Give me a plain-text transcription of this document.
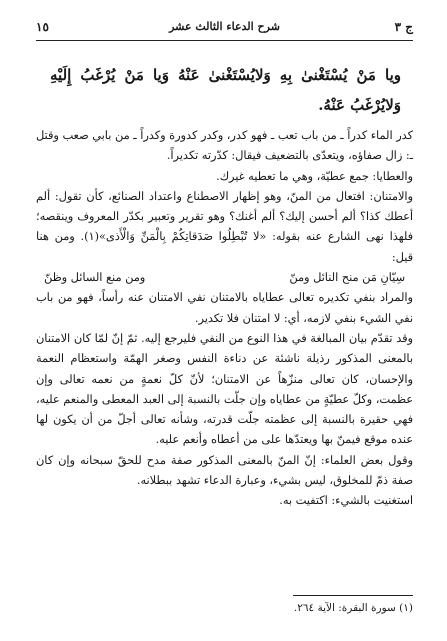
ج ٣
شرح الدعاء الثالث عشر
١٥
ويا مَنْ يُسْتَغْنىٰ بِهِ وَلايُسْتَغْنىٰ عَنْهُ وَيا مَنْ يُرْغَبُ إِلَيْهِ وَلايُرْغَبُ عَنْهُ.

كدر الماء كدراً ـ من باب تعب ـ فهو كدر، وكدر كدورة وكدراً ـ من بابي صعب وقتل ـ: زال صفاؤه، ويتعدّى بالتضعيف فيقال: كدّرته تكديراً.

والعطايا: جمع عطيّة، وهي ما تعطيه غيرك.

والامتنان: افتعال من المنّ، وهو إظهار الاصطناع واعتداد الصنائع، كأن تقول: ألم أعطك كذا؟ ألم أحسن إليك؟ ألم أغنك؟ وهو تقرير وتعبير بكدّر المعروف وينقصه؛ فلهذا نهى الشارع عنه بقوله: «لا تُبْطِلُوا صَدَقاتِكُمْ بِالْمَنِّ وَالْأَذى»(١). ومن هنا قيل:

سِيّانِ مَن منح النائل ومنّ
ومن منع السائل وظنّ

والمراد بنفي تكديره تعالى عطاياه بالامتنان نفي الامتنان عنه رأساً، فهو من باب نفي الشيء بنفي لازمه، أي: لا امتنان فلا تكدير.

وقد تقدّم بيان المبالغة في هذا النوع من النفي فليرجع إليه. ثمّ إنّ لمّا كان الامتنان بالمعنى المذكور رذيلة ناشئة عن دناءة النفس وصغر الهمّة واستعظام النعمة والإحسان، كان تعالى منزّهاً عن الامتنان؛ لأنّ كلّ نعمةٍ من نعمه تعالى وإن عظمت، وكلّ عطيّةٍ من عطاياه وإن جلّت بالنسبة إلى العبد المعطى والمنعم عليه، فهي حقيرة بالنسبة إلى عظمته جلّت قدرته، وشأنه تعالى أجلّ من أن يكون لها عنده موقع فيمنّ بها ويعتدّها على من أعطاه وأنعم عليه.

وقول بعض العلماء: إنّ المنّ بالمعنى المذكور صفة مدح للحقّ سبحانه وإن كان صفة ذمّ للمخلوق، ليس بشيء، وعبارة الدعاء تشهد ببطلانه.

استغنيت بالشيء: اكتفيت به.

(١) سورة البقرة: الآية ٢٦٤.
